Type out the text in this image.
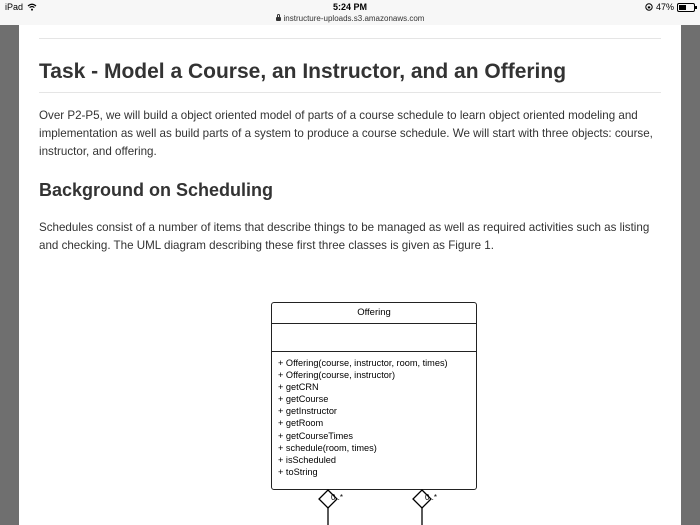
iPad	5:24 PM	47%
instructure-uploads.s3.amazonaws.com
Task - Model a Course, an Instructor, and an Offering

Over P2-P5, we will build a object oriented model of parts of a course schedule to learn object oriented modeling and implementation as well as build parts of a system to produce a course schedule. We will start with three objects: course, instructor, and offering.

Background on Scheduling

Schedules consist of a number of items that describe things to be managed as well as required activities such as listing and checking. The UML diagram describing these first three classes is given as Figure 1.

Offering
+ Offering(course, instructor, room, times)
+ Offering(course, instructor)
+ getCRN
+ getCourse
+ getInstructor
+ getRoom
+ getCourseTimes
+ schedule(room, times)
+ isScheduled
+ toString
0..*	0..*
